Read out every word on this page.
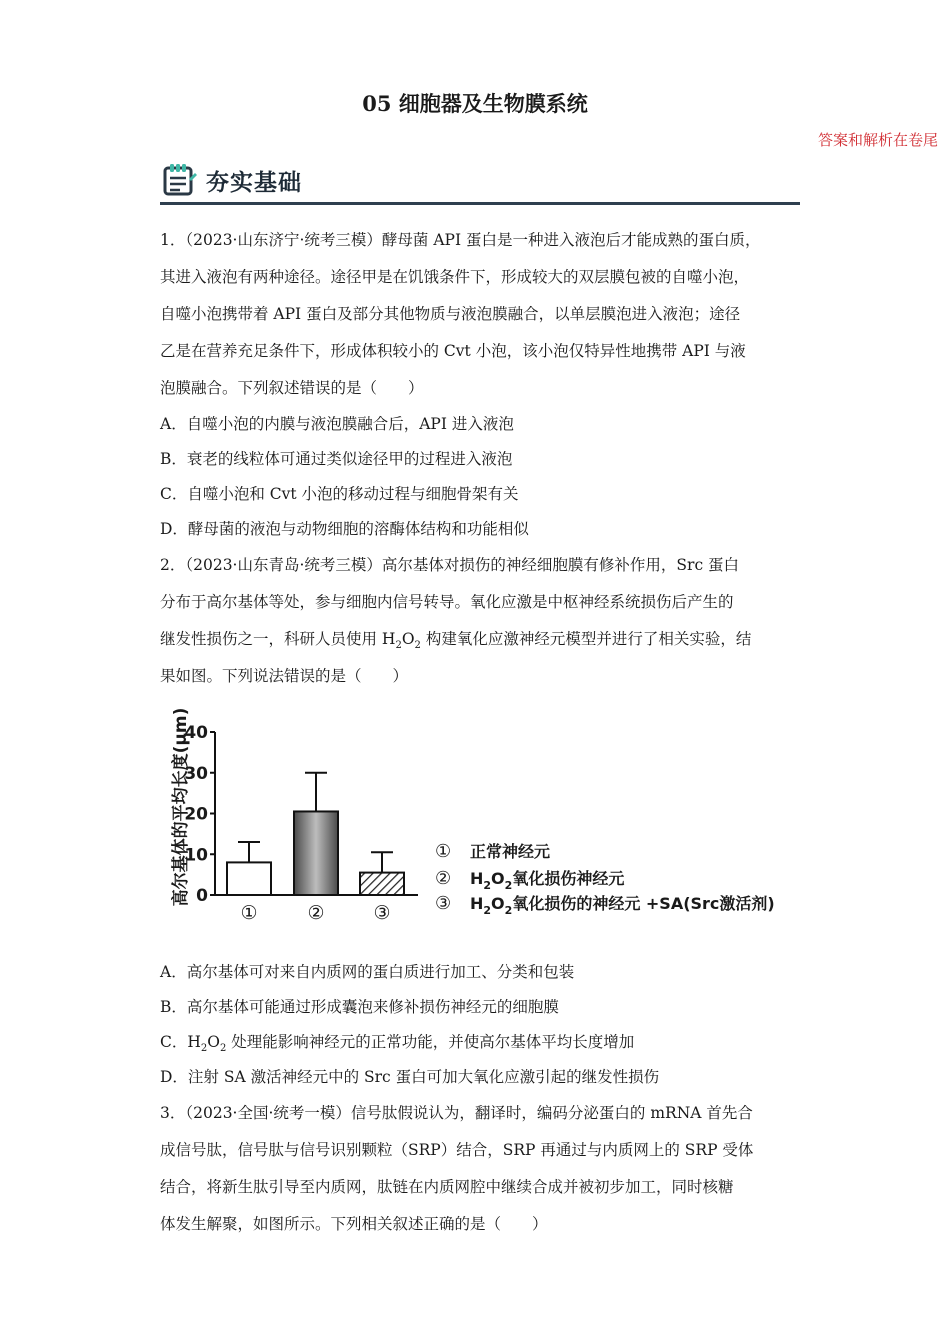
05 细胞器及生物膜系统
答案和解析在卷尾
夯实基础
1．（2023·山东济宁·统考三模）酵母菌 API 蛋白是一种进入液泡后才能成熟的蛋白质，
其进入液泡有两种途径。途径甲是在饥饿条件下，形成较大的双层膜包被的自噬小泡，
自噬小泡携带着 API 蛋白及部分其他物质与液泡膜融合，以单层膜泡进入液泡；途径
乙是在营养充足条件下，形成体积较小的 Cvt 小泡，该小泡仅特异性地携带 API 与液
泡膜融合。下列叙述错误的是（　　）
A．自噬小泡的内膜与液泡膜融合后，API 进入液泡
B．衰老的线粒体可通过类似途径甲的过程进入液泡
C．自噬小泡和 Cvt 小泡的移动过程与细胞骨架有关
D．酵母菌的液泡与动物细胞的溶酶体结构和功能相似
2．（2023·山东青岛·统考三模）高尔基体对损伤的神经细胞膜有修补作用，Src 蛋白
分布于高尔基体等处，参与细胞内信号转导。氧化应激是中枢神经系统损伤后产生的
继发性损伤之一，科研人员使用 $H_2O_2$ 构建氧化应激神经元模型并进行了相关实验，结
果如图。下列说法错误的是（　　）
高尔基体的平均长度(μm) 0
10
20
30
40
①	②	③
① 正常神经元
② $H_2O_2$氧化损伤神经元
③ $H_2O_2$氧化损伤的神经元 +SA(Src激活剂)
A．高尔基体可对来自内质网的蛋白质进行加工、分类和包装
B．高尔基体可能通过形成囊泡来修补损伤神经元的细胞膜
C．$H_2O_2$ 处理能影响神经元的正常功能，并使高尔基体平均长度增加
D．注射 SA 激活神经元中的 Src 蛋白可加大氧化应激引起的继发性损伤
3．（2023·全国·统考一模）信号肽假说认为，翻译时，编码分泌蛋白的 mRNA 首先合
成信号肽，信号肽与信号识别颗粒（SRP）结合，SRP 再通过与内质网上的 SRP 受体
结合，将新生肽引导至内质网，肽链在内质网腔中继续合成并被初步加工，同时核糖
体发生解聚，如图所示。下列相关叙述正确的是（　　）
